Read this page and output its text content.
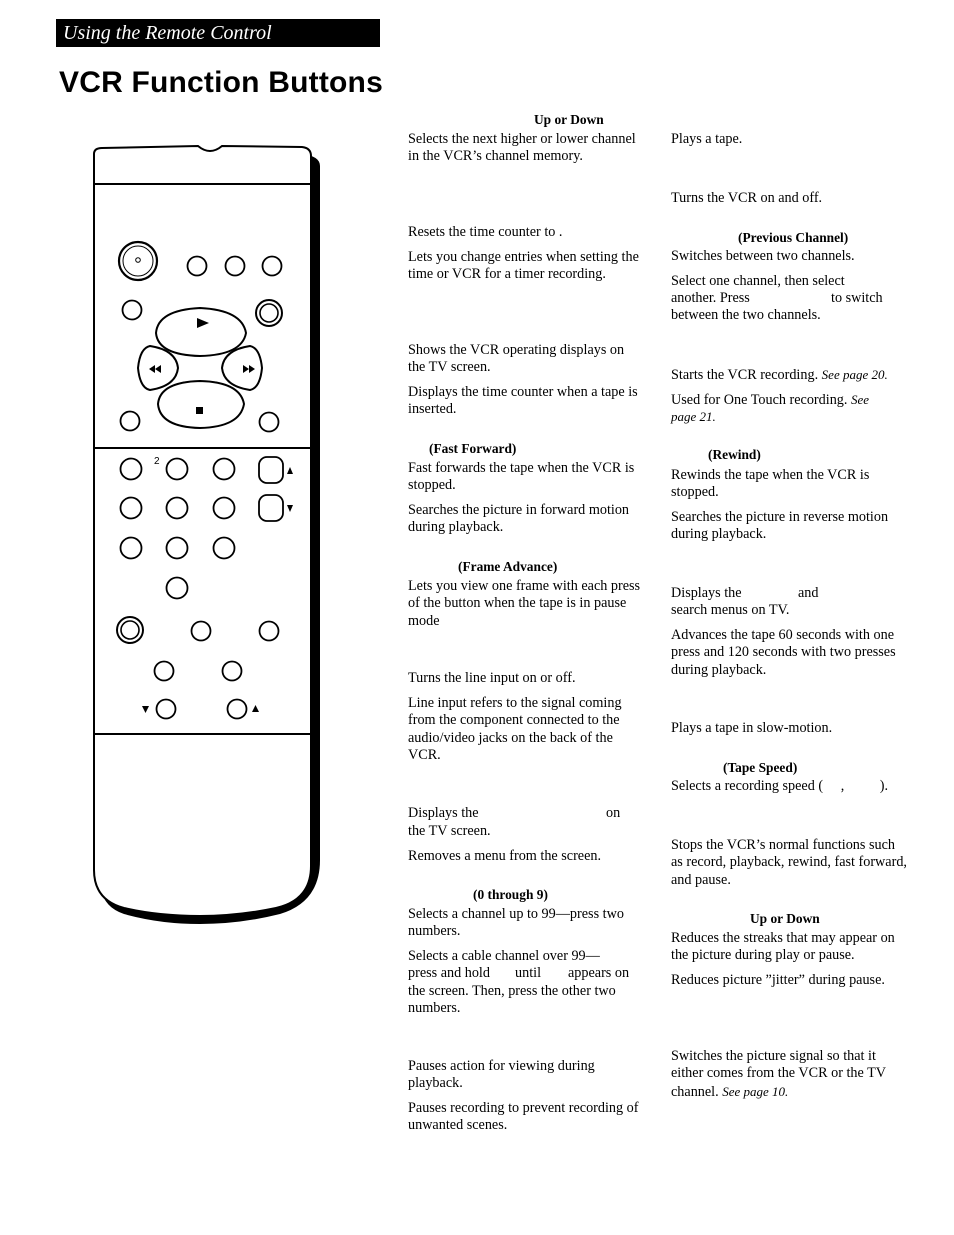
Using the Remote Control
VCR Function Buttons
2

Up or Down

Selects the next higher or lower channel in the VCR’s channel memory.

Resets the time counter to .

Lets you change entries when setting the time or VCR for a timer recording.

Shows the VCR operating displays on the TV screen.

Displays the time counter when a tape is inserted.

(Fast Forward)

Fast forwards the tape when the VCR is stopped.

Searches the picture in forward motion during playback.

(Frame Advance)

Lets you view one frame with each press of the button when the tape is in pause mode

Turns the line input on or off.

Line input refers to the signal coming from the component connected to the audio/video jacks on the back of the VCR.

Displays the	on

the TV screen.

Removes a menu from the screen.

(0 through 9)

Selects a channel up to 99—press two numbers.

Selects a cable channel over 99—

press and hold	until	appears on

the screen. Then, press the other two numbers.

Pauses action for viewing during playback.

Pauses recording to prevent recording of unwanted scenes.

Plays a tape.

Turns the VCR on and off.

(Previous Channel)

Switches between two channels.

Select one channel, then select

another. Press	to switch

between the two channels.

Starts the VCR recording. See page 20.

Used for One Touch recording. See

page 21.

(Rewind)

Rewinds the tape when the VCR is stopped.

Searches the picture in reverse motion during playback.

Displays the	and

search menus on TV.

Advances the tape 60 seconds with one press and 120 seconds with two presses during playback.

Plays a tape in slow-motion.

(Tape Speed)

Selects a recording speed (     ,          ).

Stops the VCR’s normal functions such as record, playback, rewind, fast forward, and pause.

Up or Down

Reduces the streaks that may appear on the picture during play or pause.

Reduces picture ”jitter” during pause.

Switches the picture signal so that it either comes from the VCR or the TV channel. See page 10.
